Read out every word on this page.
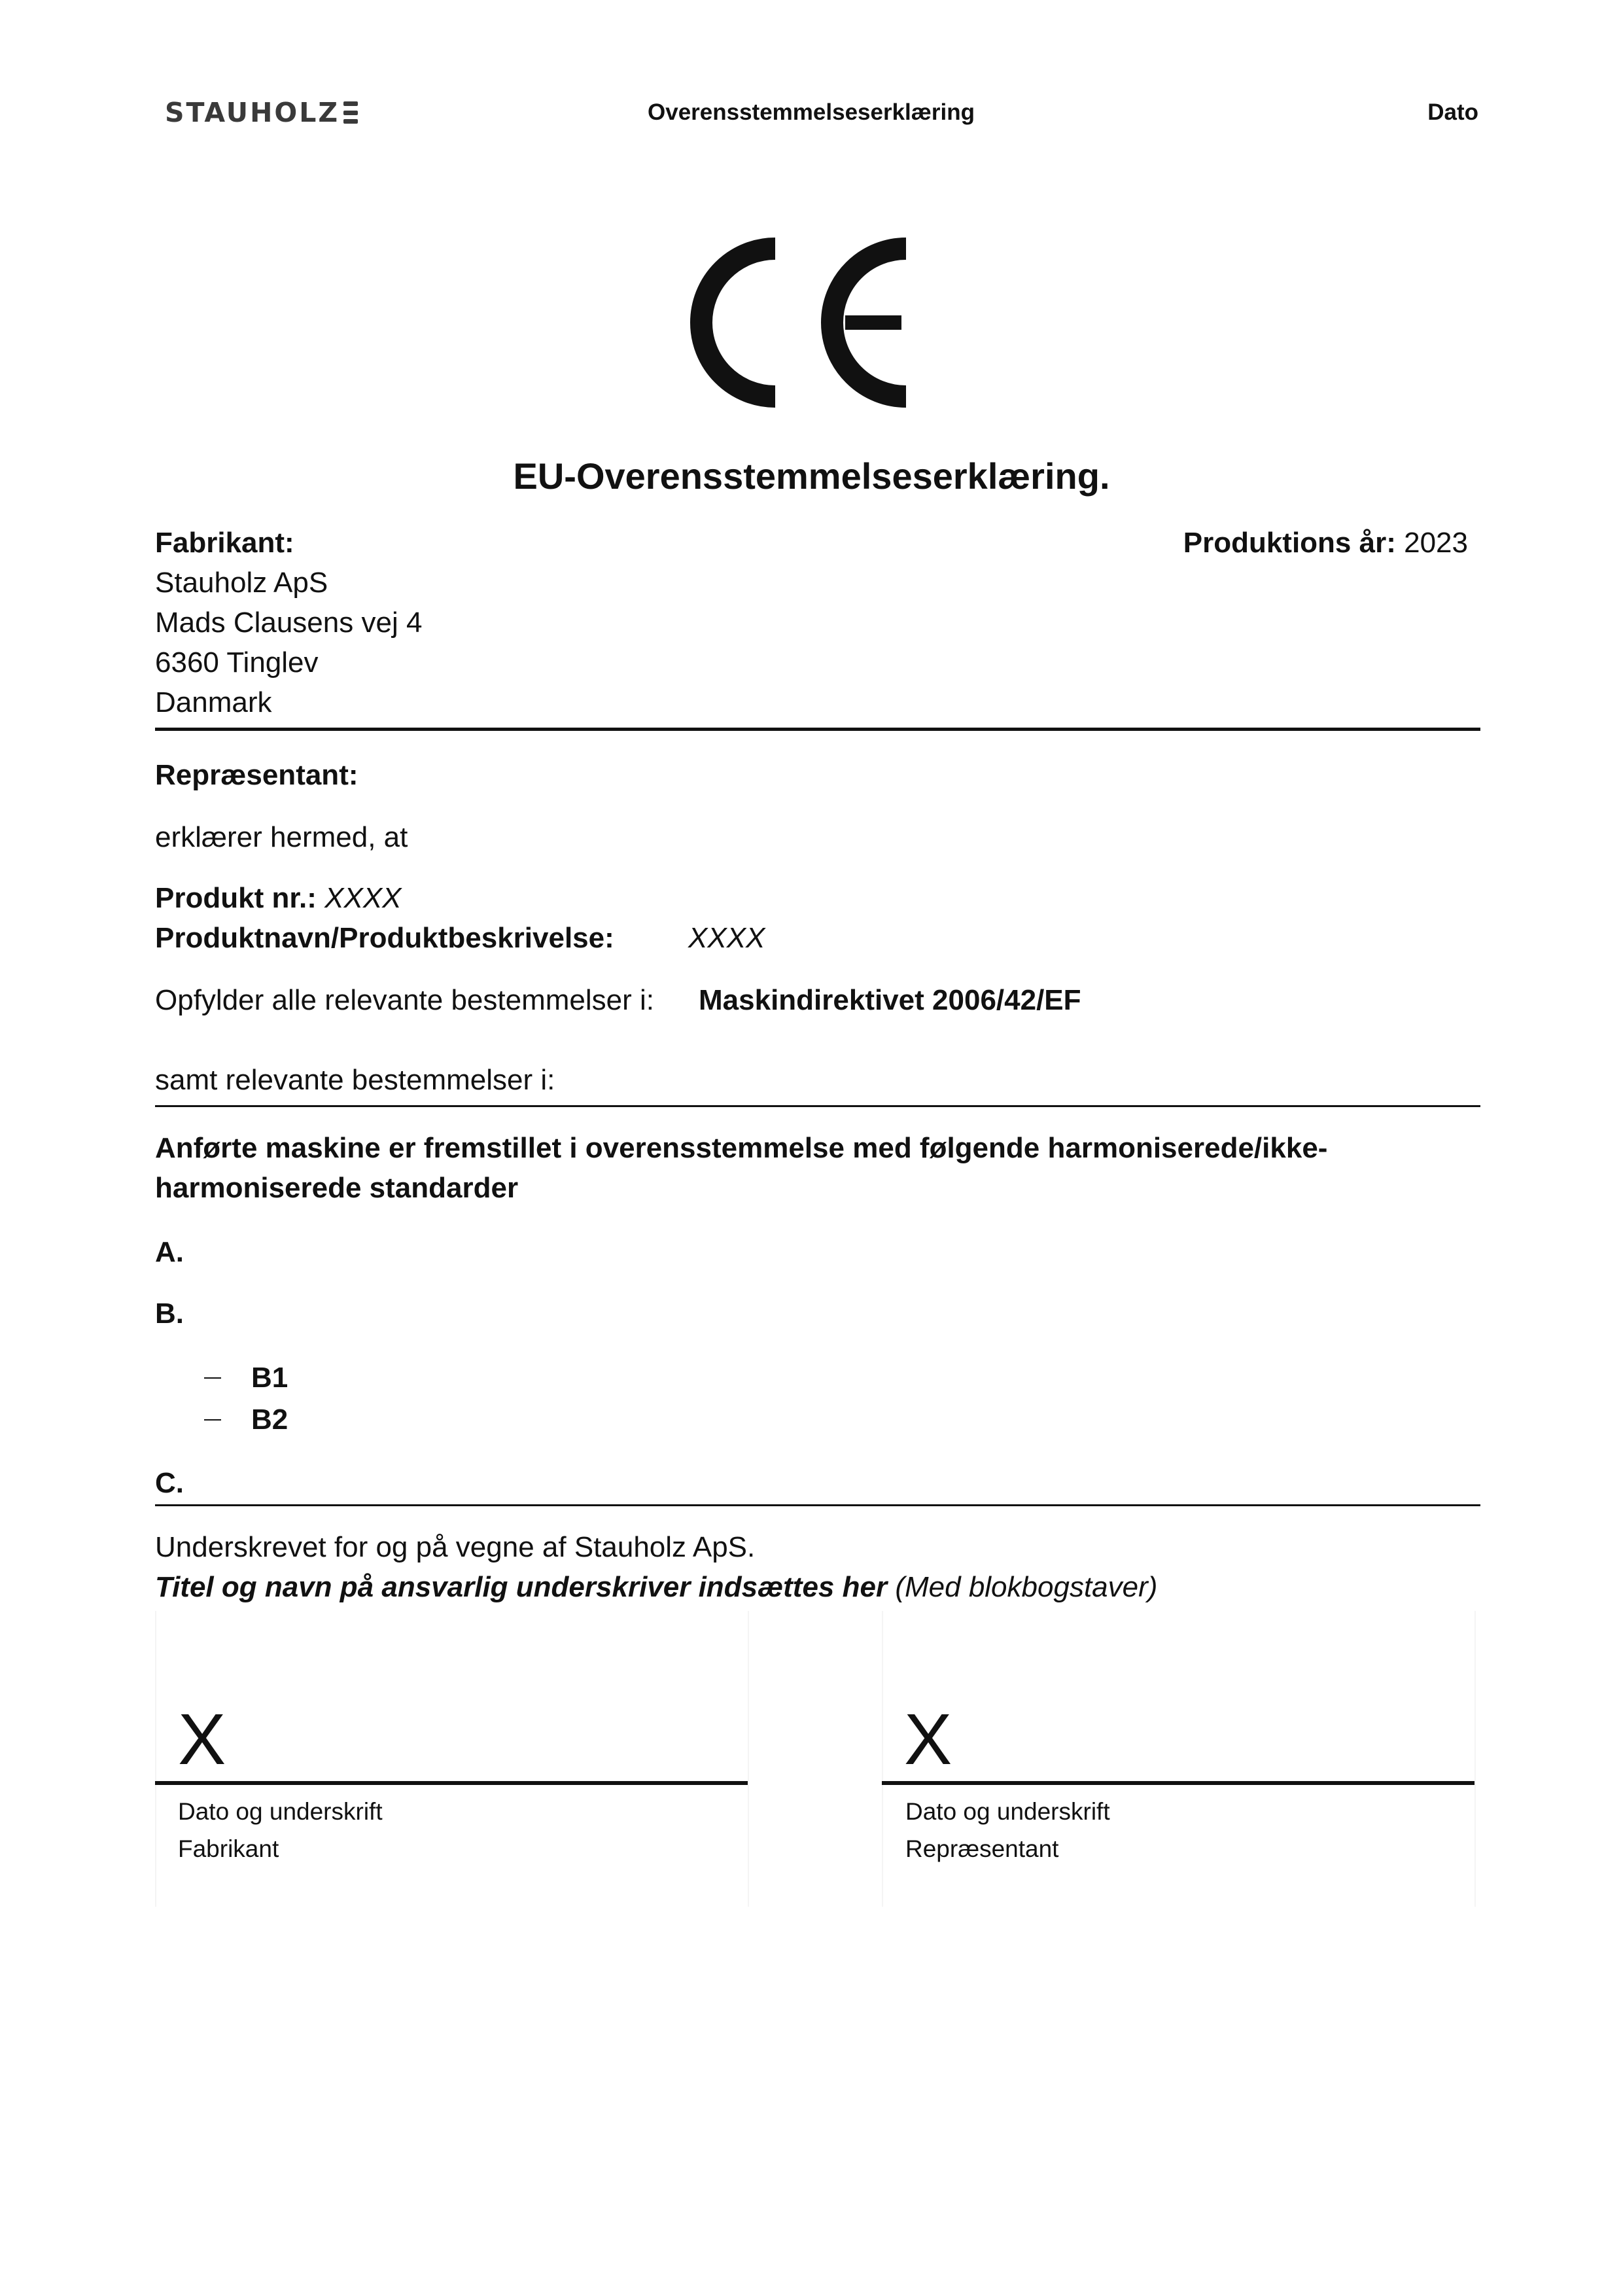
STAUHOLZ	Overensstemmelseserklæring	Dato
EU-Overensstemmelseserklæring.
Fabrikant:
Stauholz ApS
Mads Clausens vej 4
6360 Tinglev
Danmark
Produktions år: 2023
Repræsentant:
erklærer hermed, at
Produkt nr.: XXXX
Produktnavn/Produktbeskrivelse:	XXXX
Opfylder alle relevante bestemmelser i: Maskindirektivet 2006/42/EF
samt relevante bestemmelser i:
Anførte maskine er fremstillet i overensstemmelse med følgende harmoniserede/ikke-
harmoniserede standarder
A.
B.
B1
B2
C.
Underskrevet for og på vegne af Stauholz ApS.
Titel og navn på ansvarlig underskriver indsættes her (Med blokbogstaver)
X
Dato og underskrift
Fabrikant
X
Dato og underskrift
Repræsentant
